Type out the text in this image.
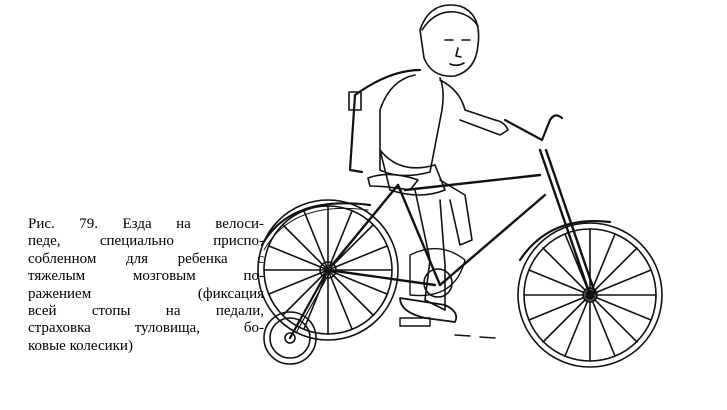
Рис. 79. Езда на велоси-
педе, специально приспо-
собленном для ребенка с
тяжелым мозговым по-
ражением (фиксация
всей стопы на педали,
страховка туловища, бо-
ковые колесики)
